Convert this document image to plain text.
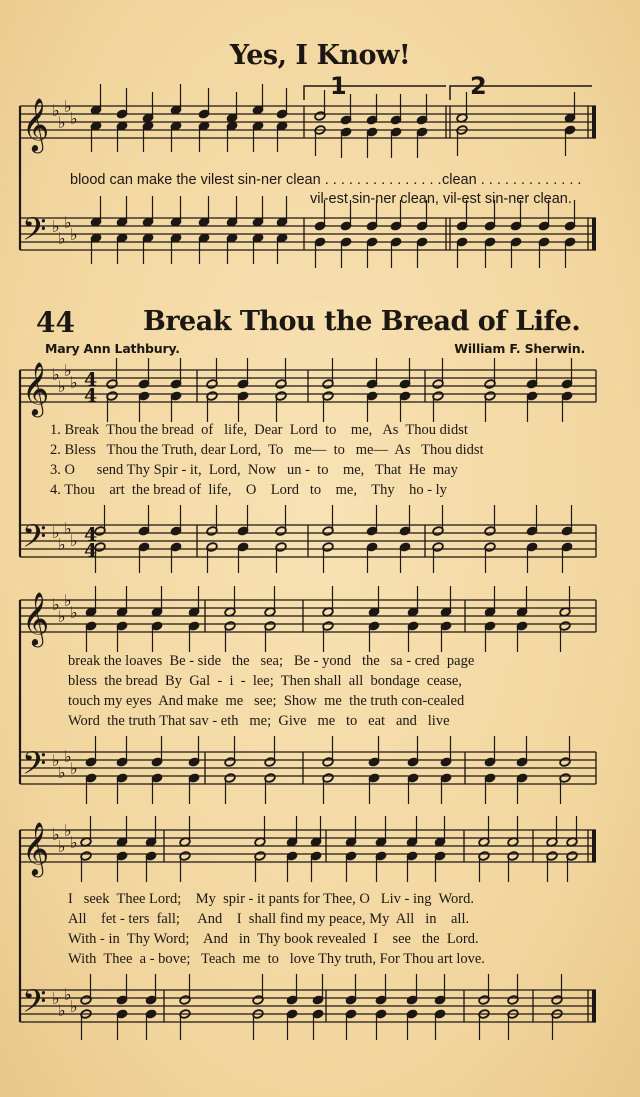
𝄞
𝄢
𝄞
𝄢
𝄞
𝄢
𝄞
𝄢
♭
♭
♭
♭
♭
♭
♭
♭
♭
♭
♭
♭
♭
♭
♭
♭
♭
♭
♭
♭
♭
♭
♭
♭
♭
♭
♭
♭
♭
♭
♭
♭
4
4
4
4
Yes, I Know!
1	2
blood can make the vilest sin-ner clean . . . . . . . . . . . . . . . clean . . . . . . . . . . . . .
vil-est sin-ner clean, vil-est sin-ner clean.
44	Break Thou the Bread of Life.
Mary Ann Lathbury.	William F. Sherwin.
1. Break  Thou the bread  of   life,  Dear  Lord  to    me,   As  Thou didst
2. Bless   Thou the Truth, dear Lord,  To   me—  to   me—  As   Thou didst
3. O      send Thy Spir - it,  Lord,  Now   un -  to    me,   That  He  may
4. Thou    art  the bread of  life,    O    Lord   to    me,    Thy    ho - ly
break the loaves  Be - side   the   sea;   Be - yond   the   sa - cred  page
bless  the bread  By  Gal  -  i  -  lee;  Then shall  all  bondage  cease,
touch my eyes  And make  me   see;  Show  me  the truth con-cealed
Word  the truth That sav - eth   me;  Give   me   to   eat   and   live
I   seek  Thee Lord;    My  spir - it pants for Thee, O   Liv - ing  Word.
All    fet - ters  fall;     And    I  shall find my peace, My  All   in    all.
With - in  Thy Word;    And   in  Thy book revealed  I    see   the  Lord.
With  Thee  a - bove;   Teach  me  to   love Thy truth, For Thou art love.
